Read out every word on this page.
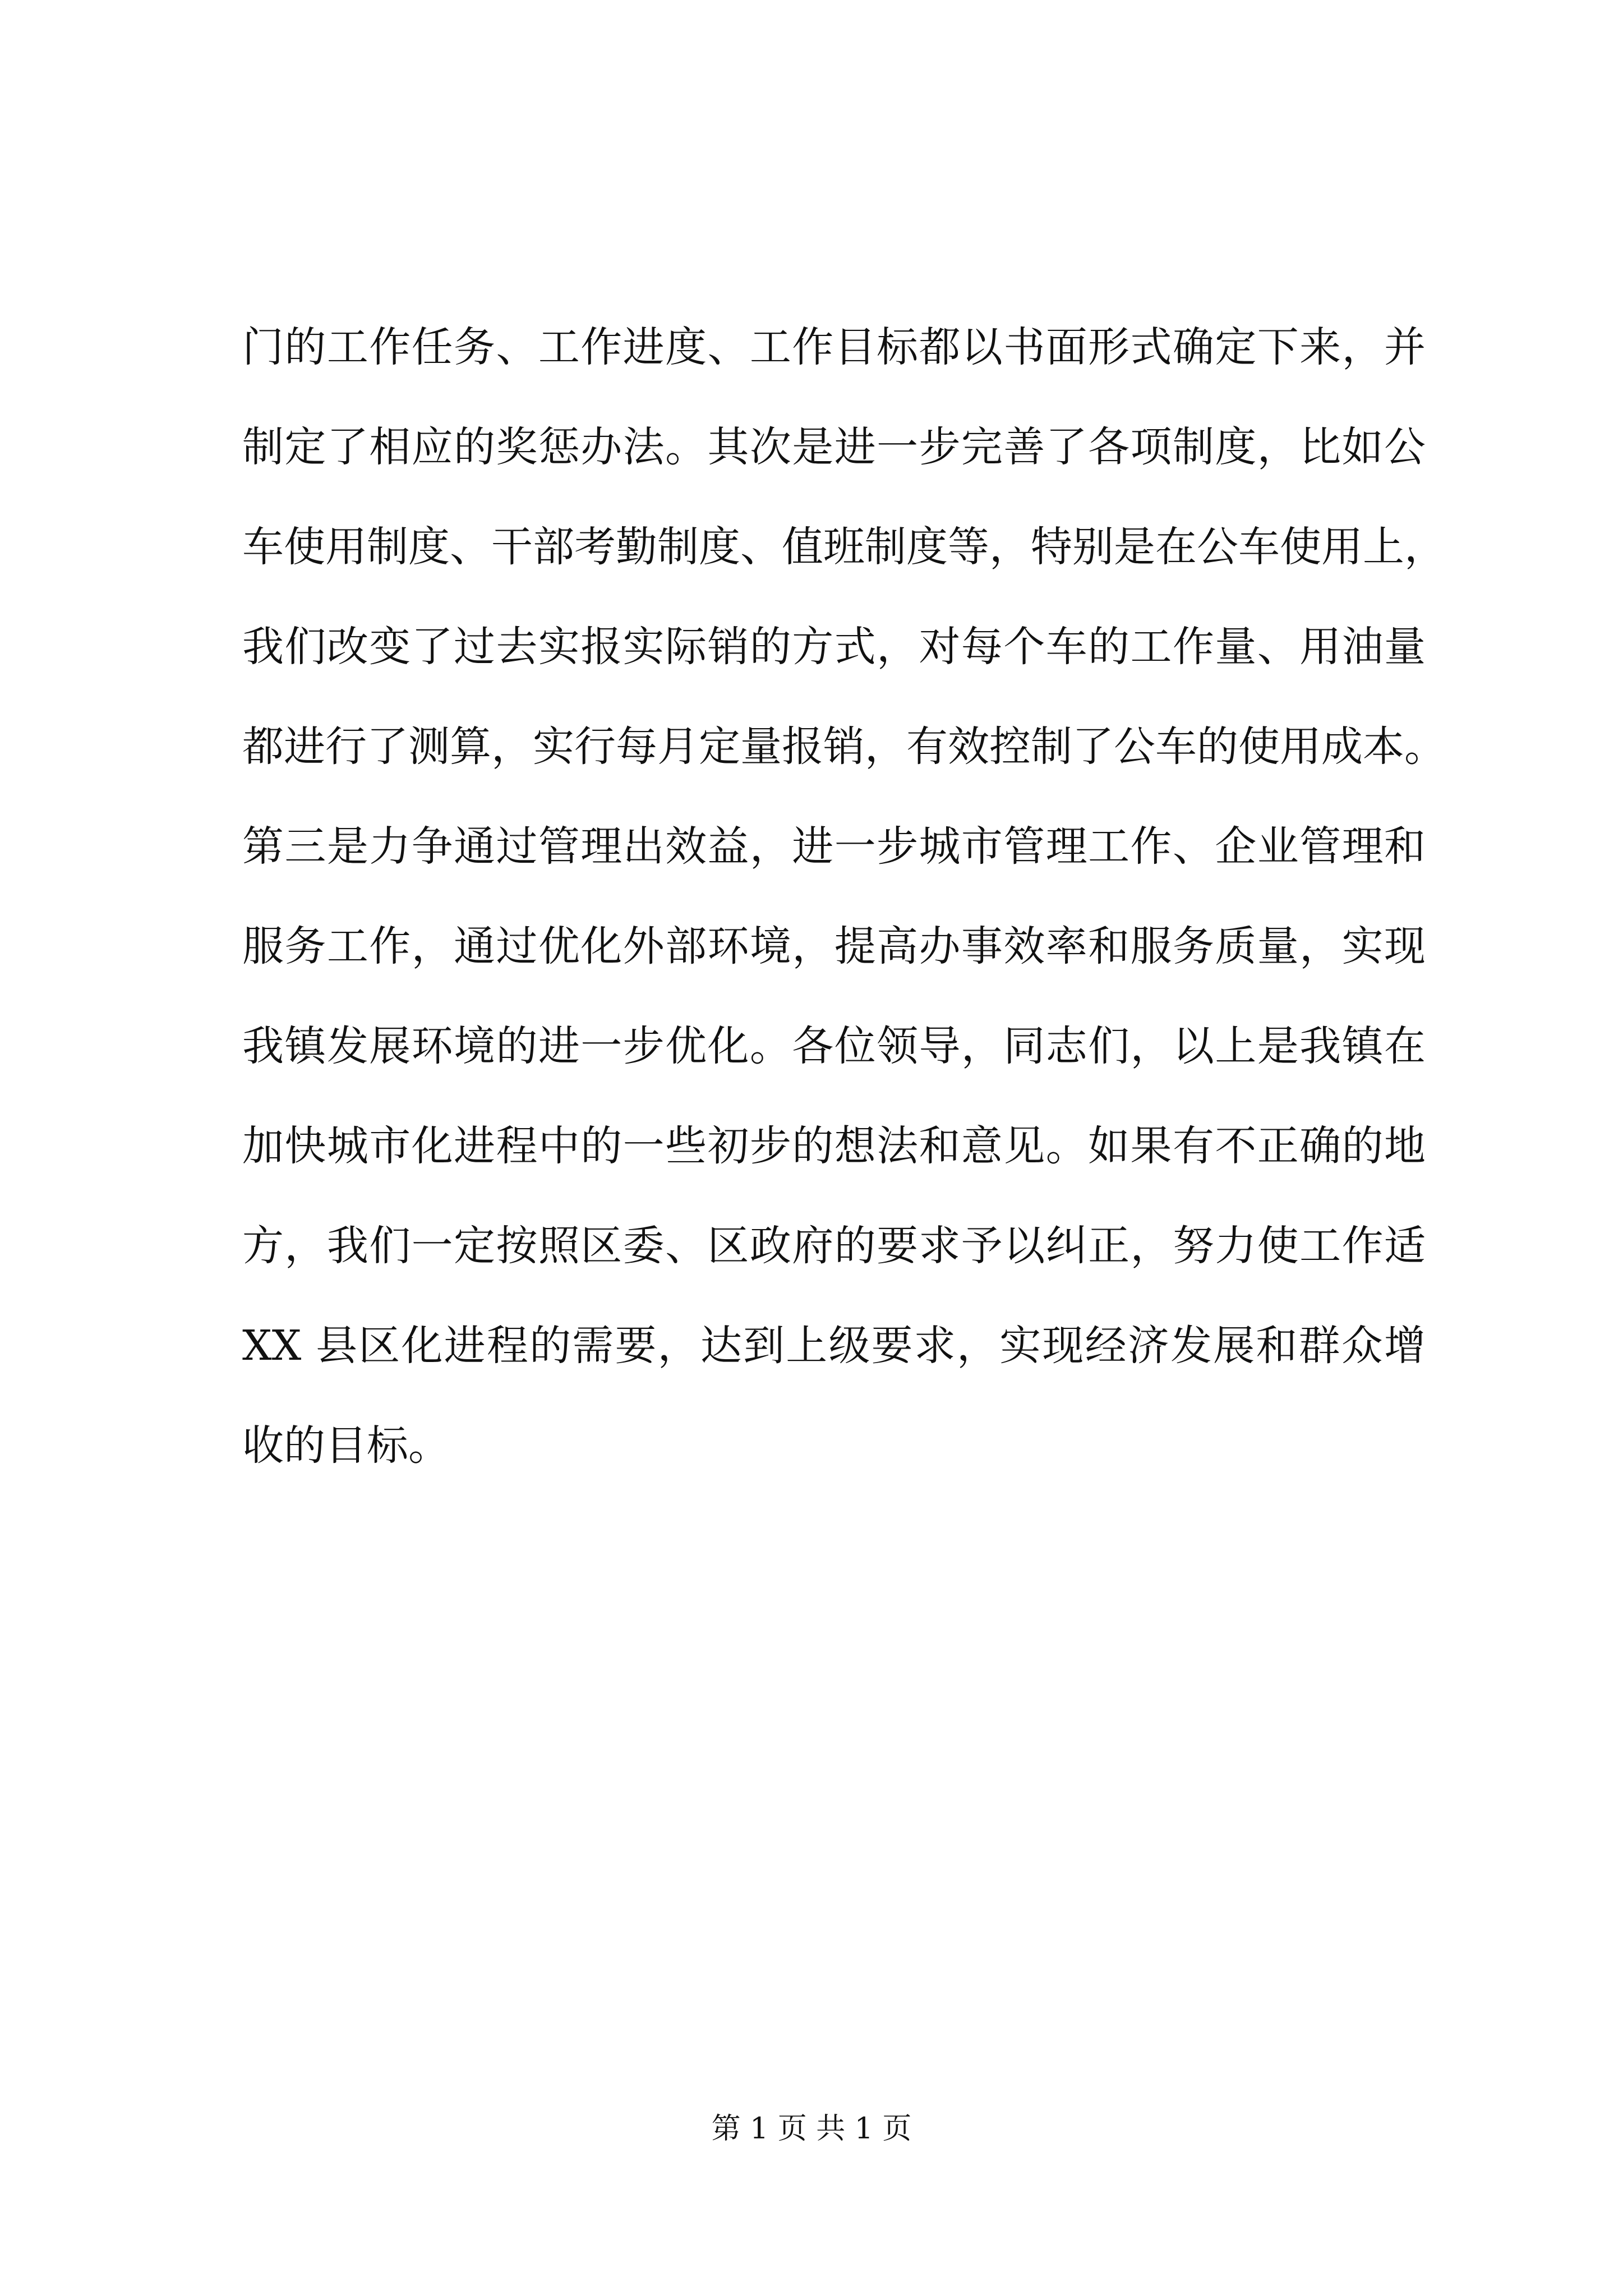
门的工作任务、工作进度、工作目标都以书面形式确定下来，并
制定了相应的奖惩办法。其次是进一步完善了各项制度，比如公
车使用制度、干部考勤制度、值班制度等，特别是在公车使用上，
我们改变了过去实报实际销的方式，对每个车的工作量、用油量
都进行了测算，实行每月定量报销，有效控制了公车的使用成本。
第三是力争通过管理出效益，进一步城市管理工作、企业管理和
服务工作，通过优化外部环境，提高办事效率和服务质量，实现
我镇发展环境的进一步优化。各位领导，同志们，以上是我镇在
加快城市化进程中的一些初步的想法和意见。如果有不正确的地
方，我们一定按照区委、区政府的要求予以纠正，努力使工作适
XX 县区化进程的需要，达到上级要求，实现经济发展和群众增
收的目标。
第 1 页 共 1 页
